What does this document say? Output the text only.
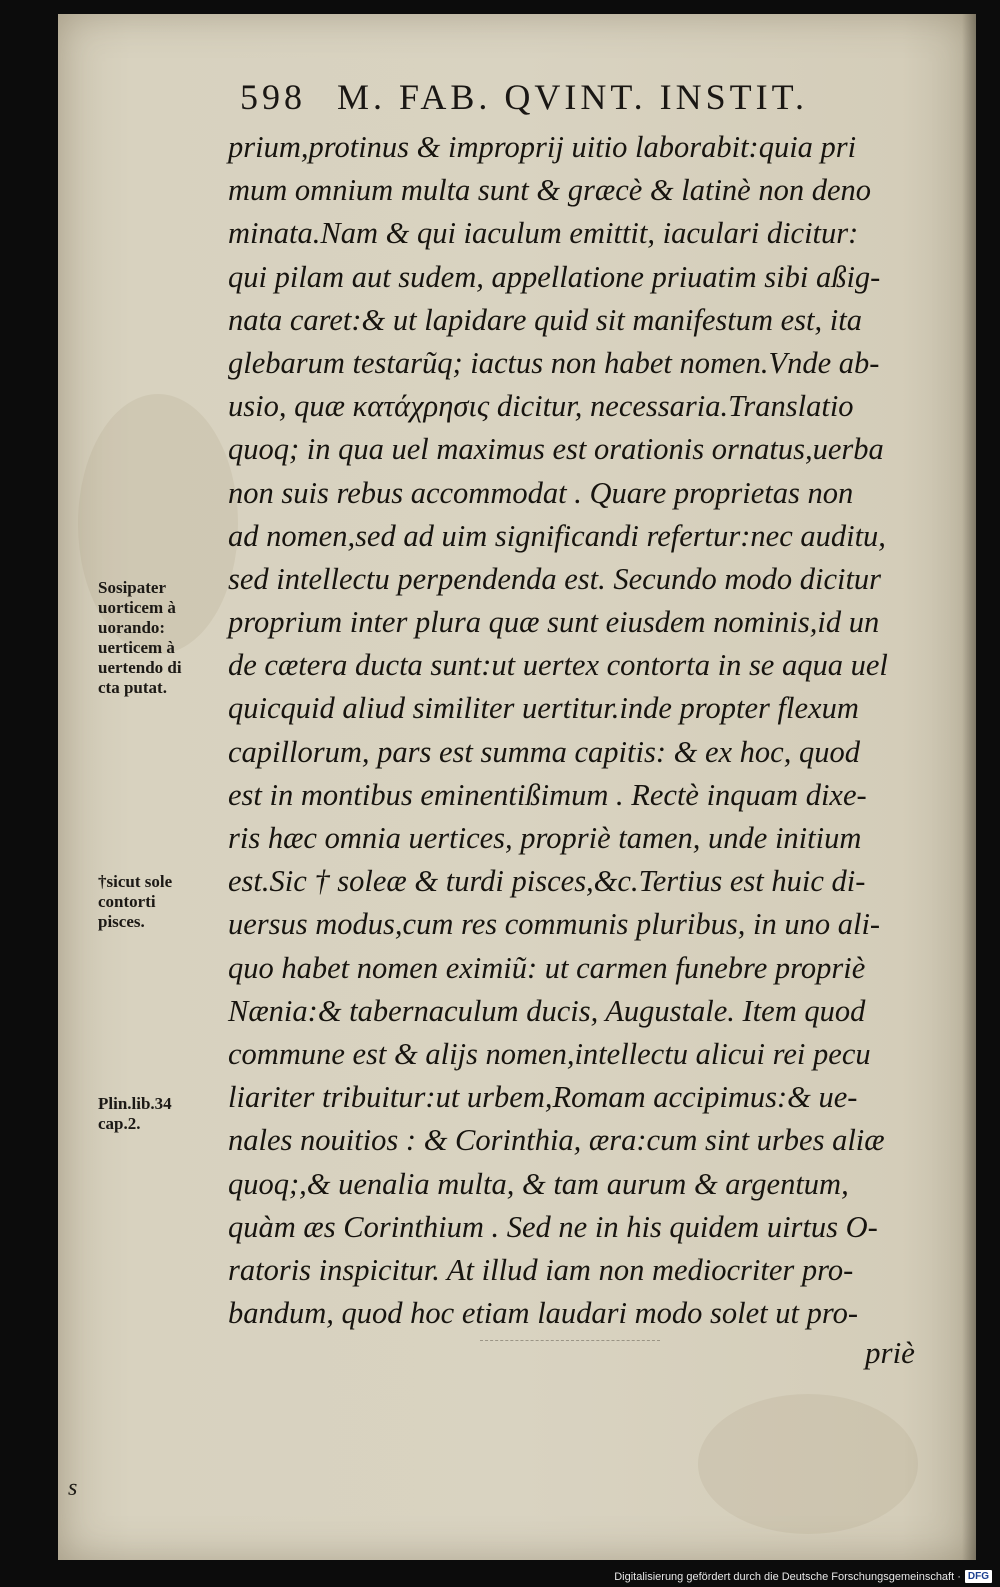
598 M. FAB. QVINT. INSTIT.
prium,protinus & improprij uitio laborabit:quia pri
mum omnium multa sunt & græcè & latinè non deno
minata.Nam & qui iaculum emittit, iaculari dicitur:
qui pilam aut sudem, appellatione priuatim sibi aßig-
nata caret:& ut lapidare quid sit manifestum est, ita
glebarum testarũq; iactus non habet nomen.Vnde ab-
usio, quæ κατάχρησις dicitur, necessaria.Translatio
quoq; in qua uel maximus est orationis ornatus,uerba
non suis rebus accommodat . Quare proprietas non
ad nomen,sed ad uim significandi refertur:nec auditu,
sed intellectu perpendenda est. Secundo modo dicitur
proprium inter plura quæ sunt eiusdem nominis,id un
de cætera ducta sunt:ut uertex contorta in se aqua uel
quicquid aliud similiter uertitur.inde propter flexum
capillorum, pars est summa capitis: & ex hoc, quod
est in montibus eminentißimum . Rectè inquam dixe-
ris hæc omnia uertices, propriè tamen, unde initium
est.Sic † soleæ & turdi pisces,&c.Tertius est huic di-
uersus modus,cum res communis pluribus, in uno ali-
quo habet nomen eximiũ: ut carmen funebre propriè
Nænia:& tabernaculum ducis, Augustale. Item quod
commune est & alijs nomen,intellectu alicui rei pecu
liariter tribuitur:ut urbem,Romam accipimus:& ue-
nales nouitios : & Corinthia, æra:cum sint urbes aliæ
quoq;,& uenalia multa, & tam aurum & argentum,
quàm æs Corinthium . Sed ne in his quidem uirtus O-
ratoris inspicitur. At illud iam non mediocriter pro-
bandum, quod hoc etiam laudari modo solet ut pro-
priè
Sosipater
uorticem à
uorando:
uerticem à
uertendo di
cta putat.
†sicut sole
contorti
pisces.
Plin.lib.34
cap.2.
s
Digitalisierung gefördert durch die Deutsche Forschungsgemeinschaft · DFG
